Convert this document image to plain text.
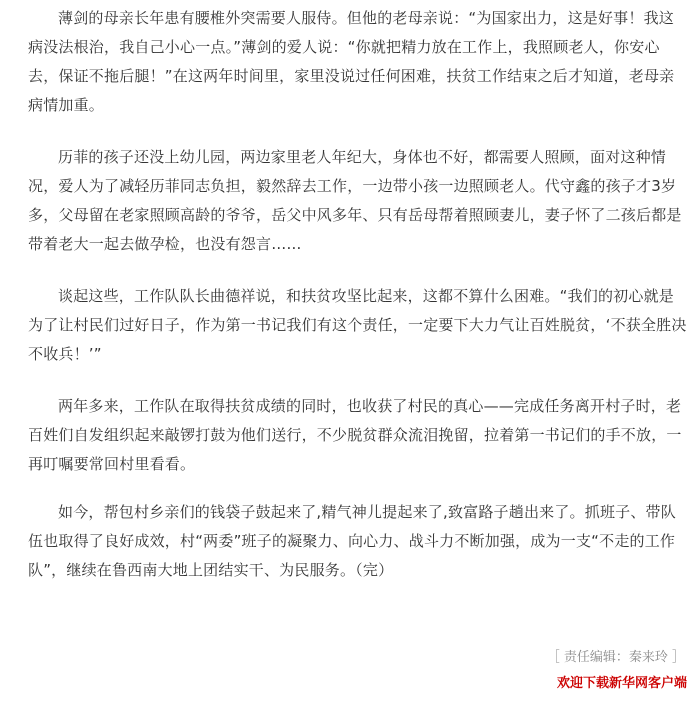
薄剑的母亲长年患有腰椎外突需要人服侍。但他的老母亲说：“为国家出力，这是好事！我这病没法根治，我自己小心一点。”薄剑的爱人说：“你就把精力放在工作上，我照顾老人，你安心去，保证不拖后腿！”在这两年时间里，家里没说过任何困难，扶贫工作结束之后才知道，老母亲病情加重。

历菲的孩子还没上幼儿园，两边家里老人年纪大，身体也不好，都需要人照顾，面对这种情况，爱人为了减轻历菲同志负担，毅然辞去工作，一边带小孩一边照顾老人。代守鑫的孩子才3岁多，父母留在老家照顾高龄的爷爷，岳父中风多年、只有岳母帮着照顾妻儿，妻子怀了二孩后都是带着老大一起去做孕检，也没有怨言……

谈起这些，工作队队长曲德祥说，和扶贫攻坚比起来，这都不算什么困难。“我们的初心就是为了让村民们过好日子，作为第一书记我们有这个责任，一定要下大力气让百姓脱贫，‘不获全胜决不收兵！’”

两年多来，工作队在取得扶贫成绩的同时，也收获了村民的真心——完成任务离开村子时，老百姓们自发组织起来敲锣打鼓为他们送行，不少脱贫群众流泪挽留，拉着第一书记们的手不放，一再叮嘱要常回村里看看。

如今，帮包村乡亲们的钱袋子鼓起来了,精气神儿提起来了,致富路子趟出来了。抓班子、带队伍也取得了良好成效，村“两委”班子的凝聚力、向心力、战斗力不断加强，成为一支“不走的工作队”，继续在鲁西南大地上团结实干、为民服务。（完）

［ 责任编辑：秦来玲 ］
欢迎下载新华网客户端
